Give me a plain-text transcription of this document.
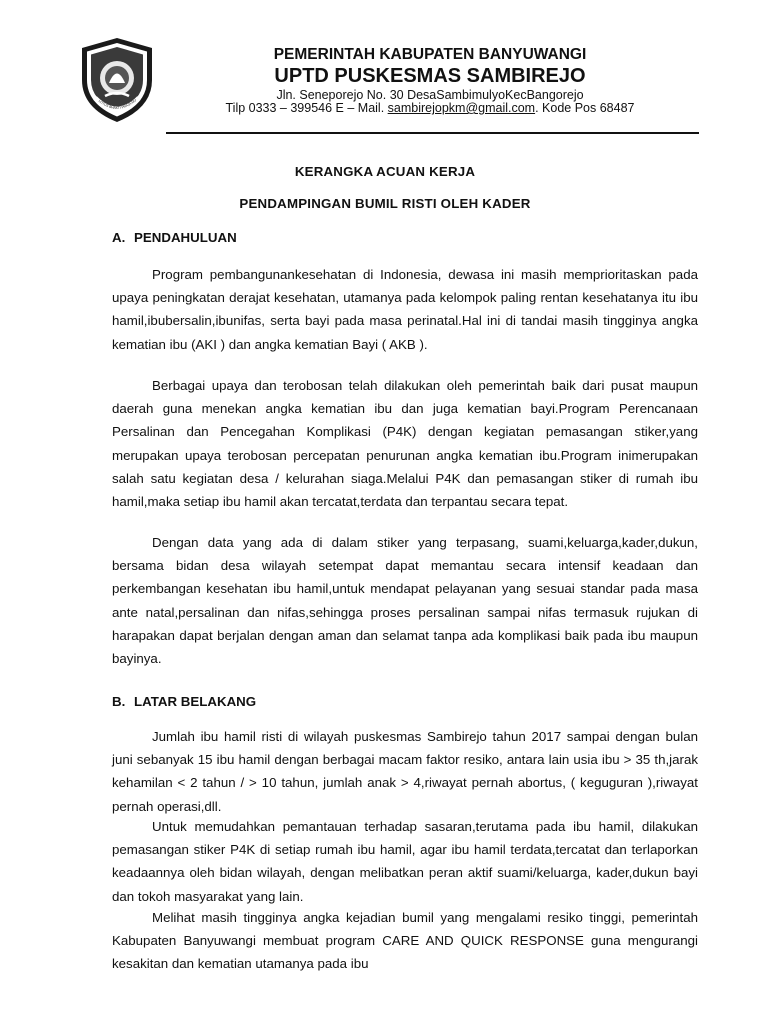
LOTUS BHAKTI PRAJA MU
PEMERINTAH KABUPATEN BANYUWANGI
UPTD PUSKESMAS SAMBIREJO
Jln. Seneporejo No. 30 DesaSambimulyoKecBangorejo
Tilp 0333 – 399546 E – Mail. sambirejopkm@gmail.com. Kode Pos 68487
KERANGKA ACUAN KERJA
PENDAMPINGAN BUMIL RISTI OLEH KADER
A. PENDAHULUAN

Program pembangunankesehatan di Indonesia, dewasa ini masih memprioritaskan pada upaya peningkatan derajat kesehatan, utamanya pada kelompok paling rentan kesehatanya itu ibu hamil,ibubersalin,ibunifas, serta bayi pada masa perinatal.Hal ini di tandai masih tingginya angka kematian ibu (AKI ) dan angka kematian Bayi ( AKB ).

Berbagai upaya dan terobosan telah dilakukan oleh pemerintah baik dari pusat maupun daerah guna menekan angka kematian ibu dan juga kematian bayi.Program Perencanaan Persalinan dan Pencegahan Komplikasi (P4K) dengan kegiatan pemasangan stiker,yang merupakan upaya terobosan percepatan penurunan angka kematian ibu.Program inimerupakan salah satu kegiatan desa / kelurahan siaga.Melalui P4K dan pemasangan stiker di rumah ibu hamil,maka setiap ibu hamil akan tercatat,terdata dan terpantau secara tepat.

Dengan data yang ada di dalam stiker yang terpasang, suami,keluarga,kader,dukun, bersama bidan desa wilayah setempat dapat memantau secara intensif keadaan dan perkembangan kesehatan ibu hamil,untuk mendapat pelayanan yang sesuai standar pada masa ante natal,persalinan dan nifas,sehingga proses persalinan sampai nifas termasuk rujukan di harapakan dapat berjalan dengan aman dan selamat tanpa ada komplikasi baik pada ibu maupun bayinya.

B. LATAR BELAKANG

Jumlah ibu hamil risti di wilayah puskesmas Sambirejo tahun 2017 sampai dengan bulan juni sebanyak 15 ibu hamil dengan berbagai macam faktor resiko, antara lain usia ibu > 35 th,jarak kehamilan < 2 tahun / > 10 tahun, jumlah anak > 4,riwayat pernah abortus, ( keguguran ),riwayat pernah operasi,dll.

Untuk memudahkan pemantauan terhadap sasaran,terutama pada ibu hamil, dilakukan pemasangan stiker P4K di setiap rumah ibu hamil, agar ibu hamil terdata,tercatat dan terlaporkan keadaannya oleh bidan wilayah, dengan melibatkan peran aktif suami/keluarga, kader,dukun bayi dan tokoh masyarakat yang lain.

Melihat masih tingginya angka kejadian bumil yang mengalami resiko tinggi, pemerintah Kabupaten Banyuwangi membuat program CARE AND QUICK RESPONSE guna mengurangi kesakitan dan kematian utamanya pada ibu
